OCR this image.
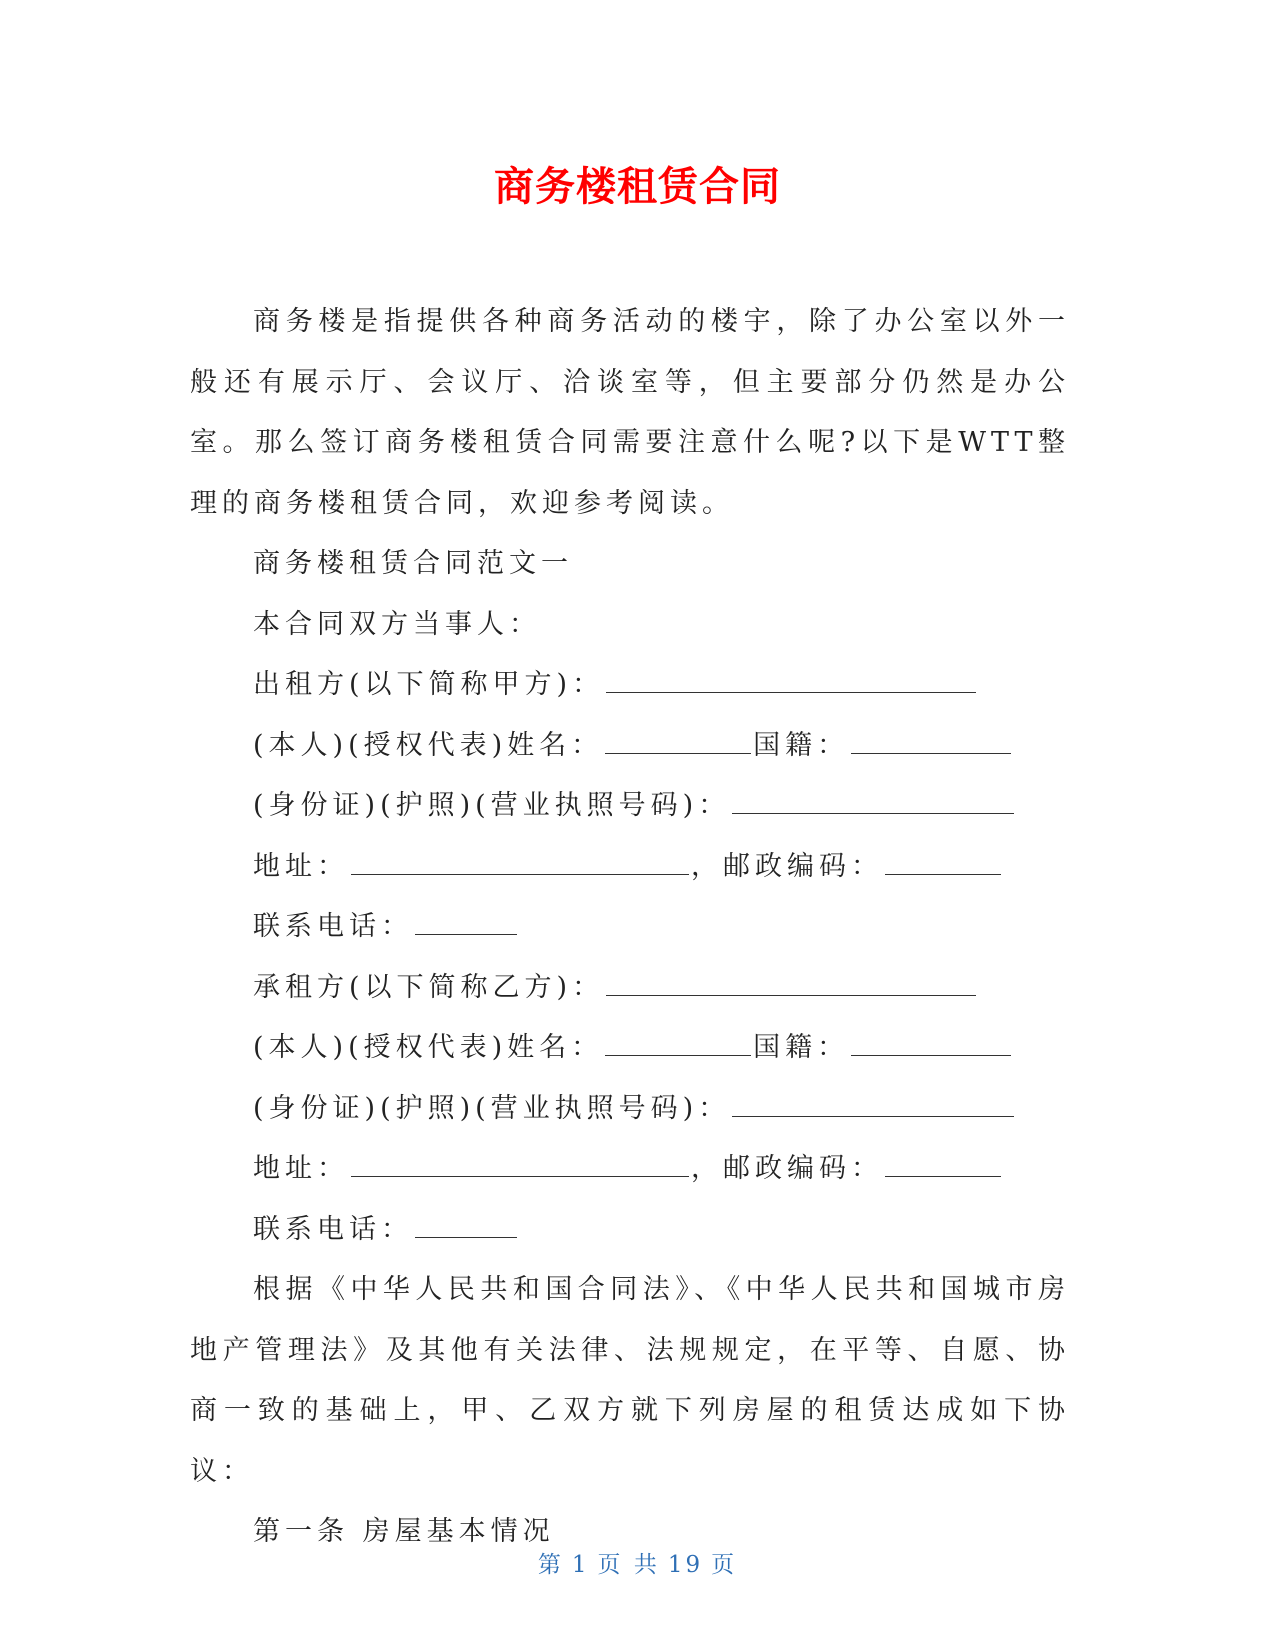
商务楼租赁合同

商务楼是指提供各种商务活动的楼宇，除了办公室以外一般还有展示厅、会议厅、洽谈室等，但主要部分仍然是办公室。那么签订商务楼租赁合同需要注意什么呢?以下是WTT整理的商务楼租赁合同，欢迎参考阅读。

商务楼租赁合同范文一

本合同双方当事人：

出租方(以下简称甲方)：
(本人)(授权代表)姓名：	国籍：
(身份证)(护照)(营业执照号码)：
地址：	，邮政编码：
联系电话：
承租方(以下简称乙方)：
(本人)(授权代表)姓名：	国籍：
(身份证)(护照)(营业执照号码)：
地址：	，邮政编码：
联系电话：

根据《中华人民共和国合同法》、《中华人民共和国城市房地产管理法》及其他有关法律、法规规定，在平等、自愿、协商一致的基础上，甲、乙双方就下列房屋的租赁达成如下协议：

第一条 房屋基本情况

第 1 页 共 19 页
